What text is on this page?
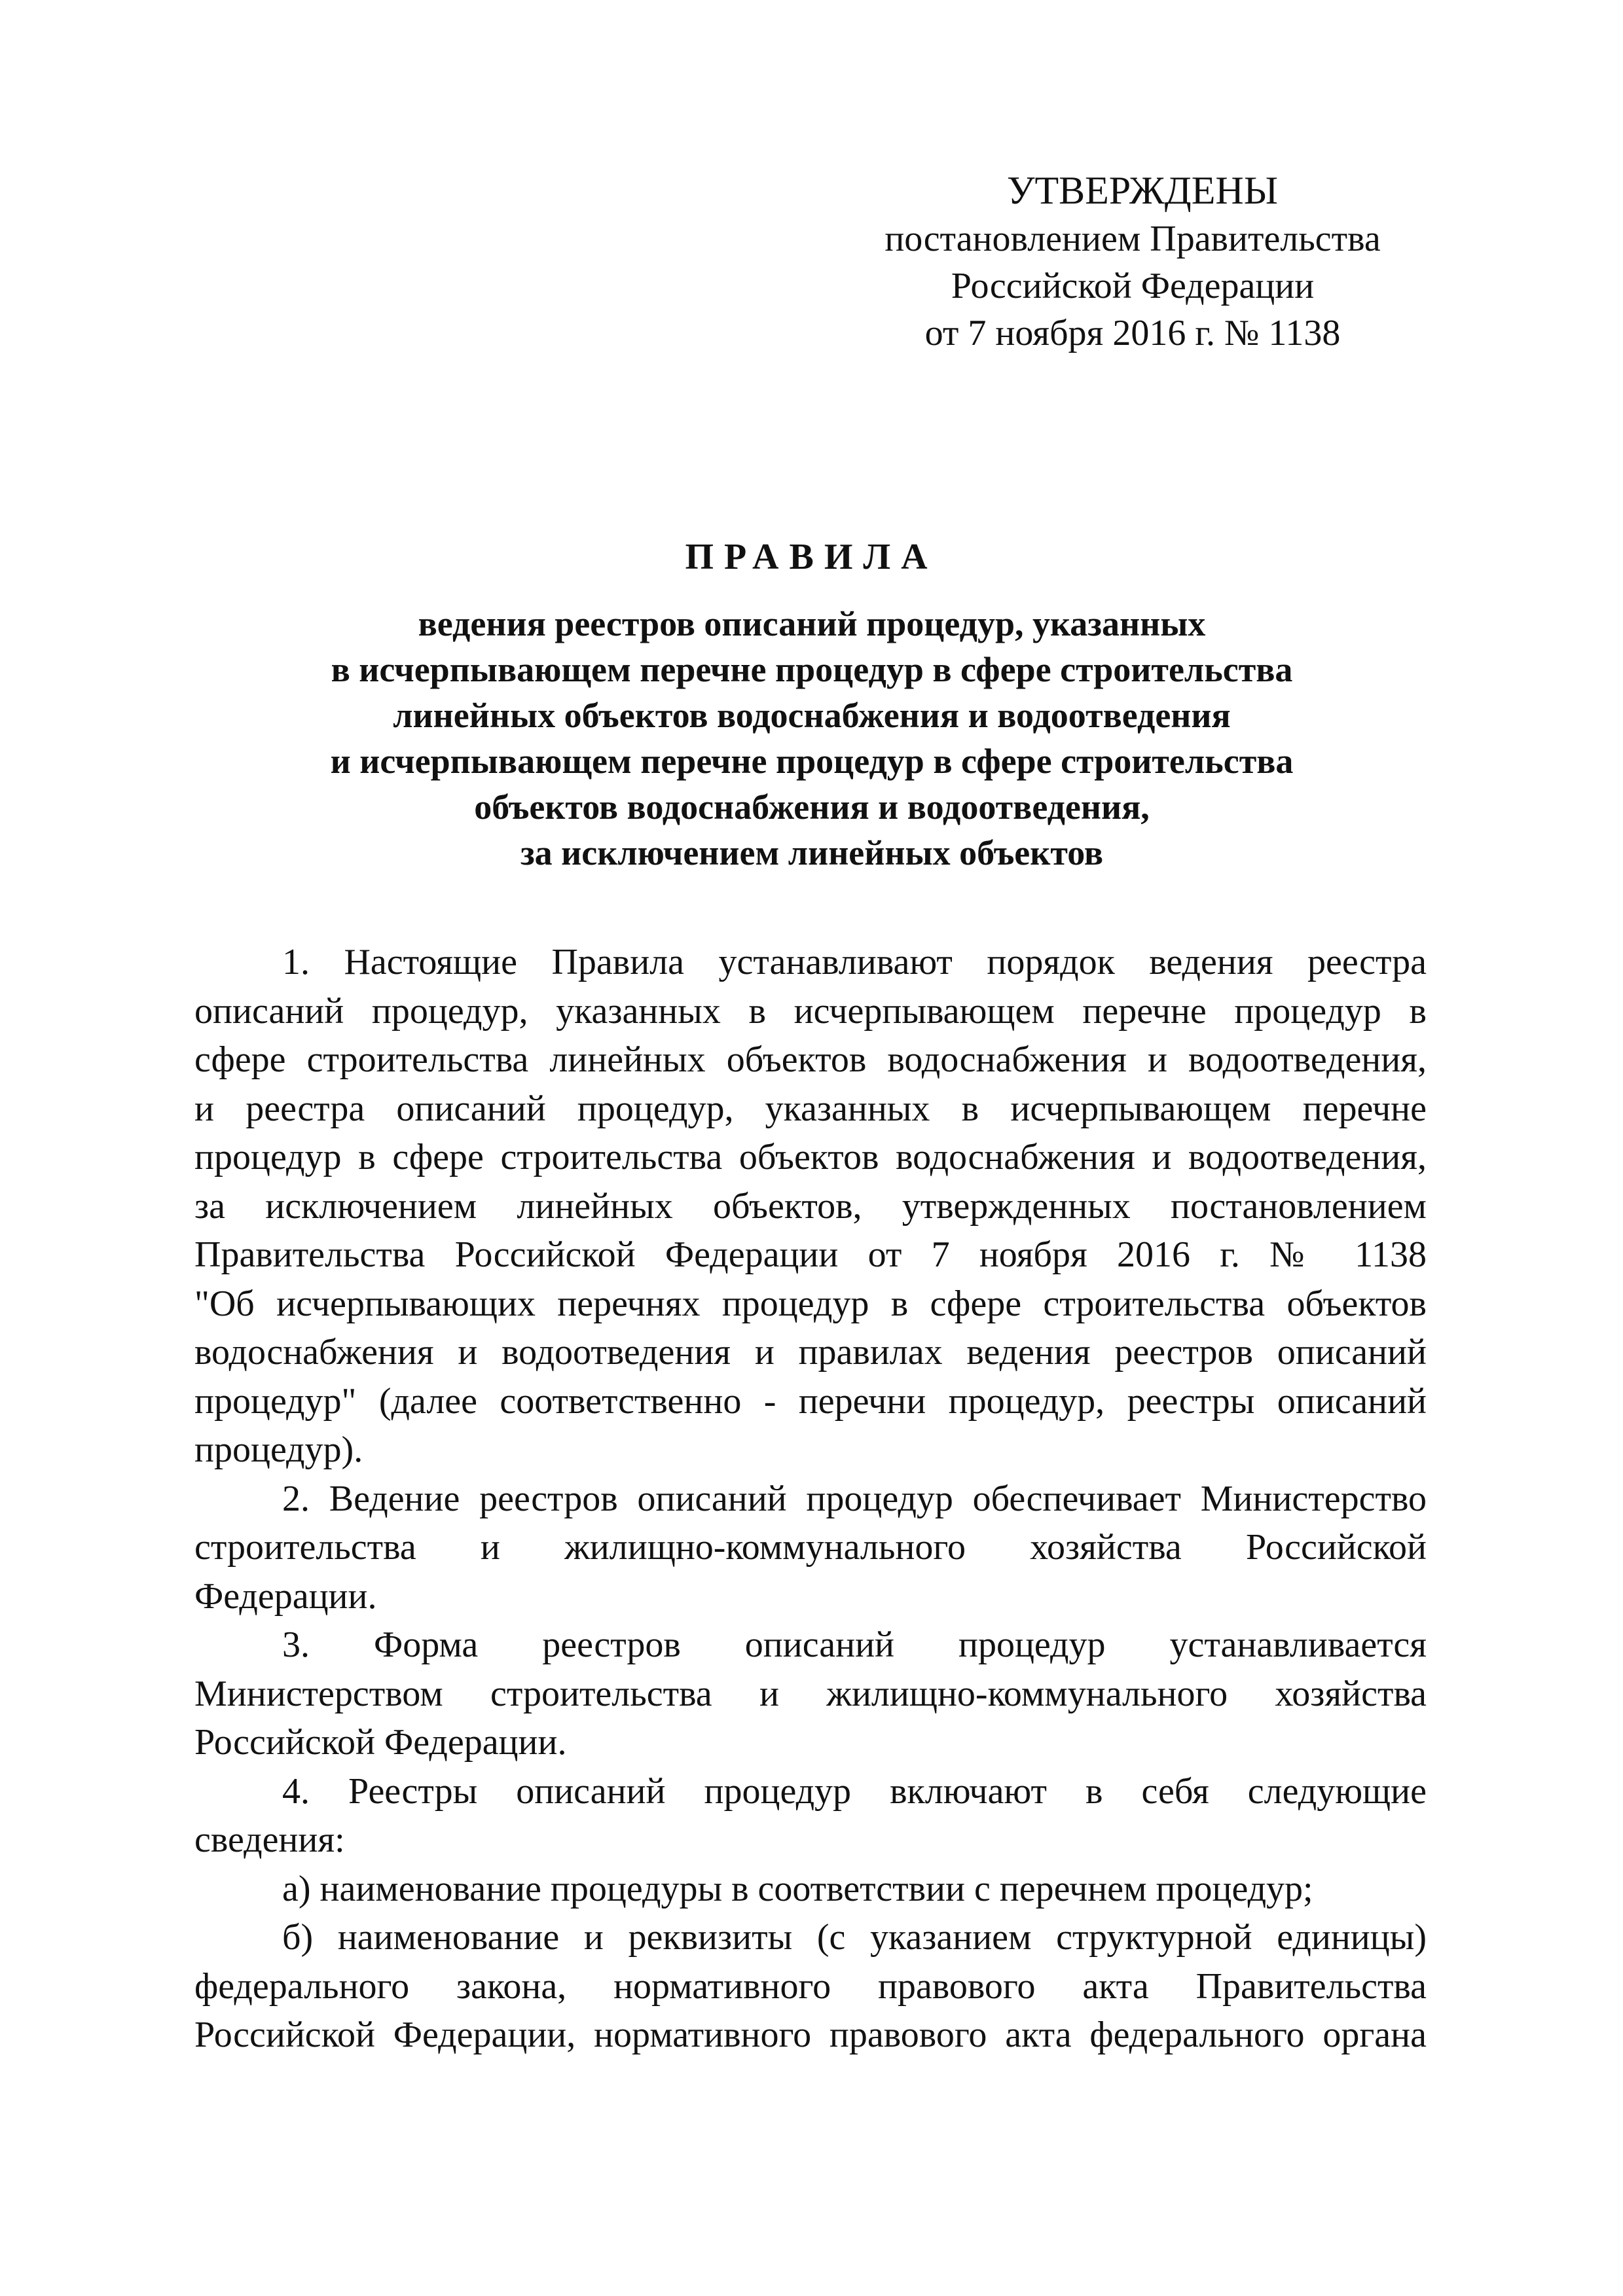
УТВЕРЖДЕНЫ
постановлением Правительства
Российской Федерации
от 7 ноября 2016 г. № 1138
ПРАВИЛА
ведения реестров описаний процедур, указанных
в исчерпывающем перечне процедур в сфере строительства
линейных объектов водоснабжения и водоотведения
и исчерпывающем перечне процедур в сфере строительства
объектов водоснабжения и водоотведения,
за исключением линейных объектов
1. Настоящие Правила устанавливают порядок ведения реестра
описаний процедур, указанных в исчерпывающем перечне процедур в
сфере строительства линейных объектов водоснабжения и водоотведения,
и реестра описаний процедур, указанных в исчерпывающем перечне
процедур в сфере строительства объектов водоснабжения и водоотведения,
за исключением линейных объектов, утвержденных постановлением
Правительства Российской Федерации от 7 ноября 2016 г. № 1138
"Об исчерпывающих перечнях процедур в сфере строительства объектов
водоснабжения и водоотведения и правилах ведения реестров описаний
процедур" (далее соответственно - перечни процедур, реестры описаний
процедур).
2. Ведение реестров описаний процедур обеспечивает Министерство
строительства и жилищно-коммунального хозяйства Российской
Федерации.
3. Форма реестров описаний процедур устанавливается
Министерством строительства и жилищно-коммунального хозяйства
Российской Федерации.
4. Реестры описаний процедур включают в себя следующие
сведения:
а) наименование процедуры в соответствии с перечнем процедур;
б) наименование и реквизиты (с указанием структурной единицы)
федерального закона, нормативного правового акта Правительства
Российской Федерации, нормативного правового акта федерального органа
